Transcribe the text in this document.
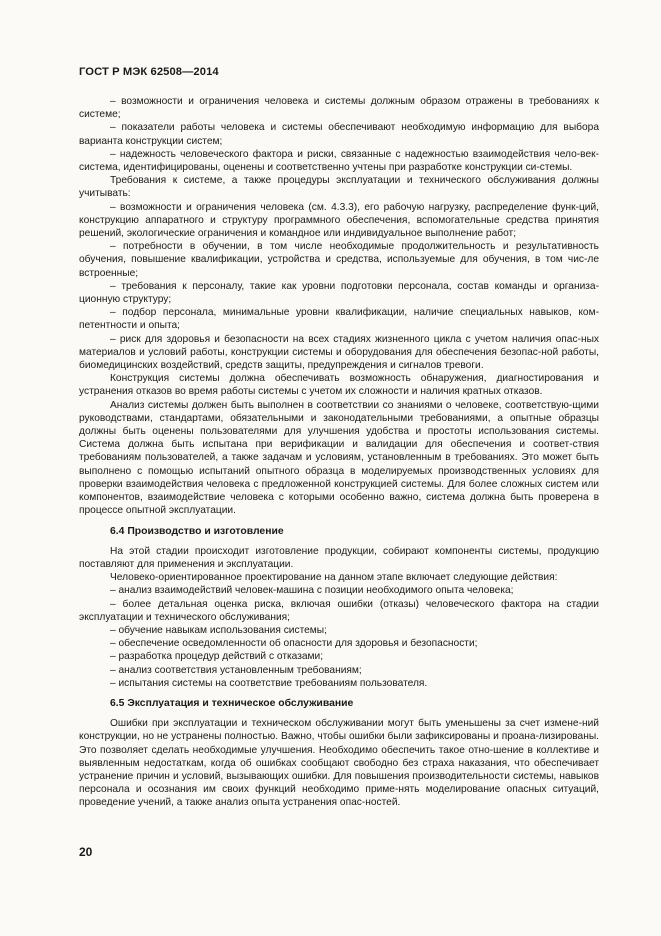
ГОСТ Р МЭК 62508—2014

– возможности и ограничения человека и системы должным образом отражены в требованиях к системе;

– показатели работы человека и системы обеспечивают необходимую информацию для выбора варианта конструкции систем;

– надежность человеческого фактора и риски, связанные с надежностью взаимодействия чело-век-система, идентифицированы, оценены и соответственно учтены при разработке конструкции си-стемы.

Требования к системе, а также процедуры эксплуатации и технического обслуживания должны учитывать:

– возможности и ограничения человека (см. 4.3.3), его рабочую нагрузку, распределение функ-ций, конструкцию аппаратного и структуру программного обеспечения, вспомогательные средства принятия решений, экологические ограничения и командное или индивидуальное выполнение работ;

– потребности в обучении, в том числе необходимые продолжительность и результативность обучения, повышение квалификации, устройства и средства, используемые для обучения, в том чис-ле встроенные;

– требования к персоналу, такие как уровни подготовки персонала, состав команды и организа-ционную структуру;

– подбор персонала, минимальные уровни квалификации, наличие специальных навыков, ком-петентности и опыта;

– риск для здоровья и безопасности на всех стадиях жизненного цикла с учетом наличия опас-ных материалов и условий работы, конструкции системы и оборудования для обеспечения безопас-ной работы, биомедицинских воздействий, средств защиты, предупреждения и сигналов тревоги.

Конструкция системы должна обеспечивать возможность обнаружения, диагностирования и устранения отказов во время работы системы с учетом их сложности и наличия кратных отказов.

Анализ системы должен быть выполнен в соответствии со знаниями о человеке, соответствую-щими руководствами, стандартами, обязательными и законодательными требованиями, а опытные образцы должны быть оценены пользователями для улучшения удобства и простоты использования системы. Система должна быть испытана при верификации и валидации для обеспечения и соответ-ствия требованиям пользователей, а также задачам и условиям, установленным в требованиях. Это может быть выполнено с помощью испытаний опытного образца в моделируемых производственных условиях для проверки взаимодействия человека с предложенной конструкцией системы. Для более сложных систем или компонентов, взаимодействие человека с которыми особенно важно, система должна быть проверена в процессе опытной эксплуатации.

6.4 Производство и изготовление

На этой стадии происходит изготовление продукции, собирают компоненты системы, продукцию поставляют для применения и эксплуатации.

Человеко-ориентированное проектирование на данном этапе включает следующие действия:

– анализ взаимодействий человек-машина с позиции необходимого опыта человека;

– более детальная оценка риска, включая ошибки (отказы) человеческого фактора на стадии эксплуатации и технического обслуживания;

– обучение навыкам использования системы;

– обеспечение осведомленности об опасности для здоровья и безопасности;

– разработка процедур действий с отказами;

– анализ соответствия установленным требованиям;

– испытания системы на соответствие требованиям пользователя.

6.5 Эксплуатация и техническое обслуживание

Ошибки при эксплуатации и техническом обслуживании могут быть уменьшены за счет измене-ний конструкции, но не устранены полностью. Важно, чтобы ошибки были зафиксированы и проана-лизированы. Это позволяет сделать необходимые улучшения. Необходимо обеспечить такое отно-шение в коллективе и выявленным недостаткам, когда об ошибках сообщают свободно без страха наказания, что обеспечивает устранение причин и условий, вызывающих ошибки. Для повышения производительности системы, навыков персонала и осознания им своих функций необходимо приме-нять моделирование опасных ситуаций, проведение учений, а также анализ опыта устранения опас-ностей.

20
